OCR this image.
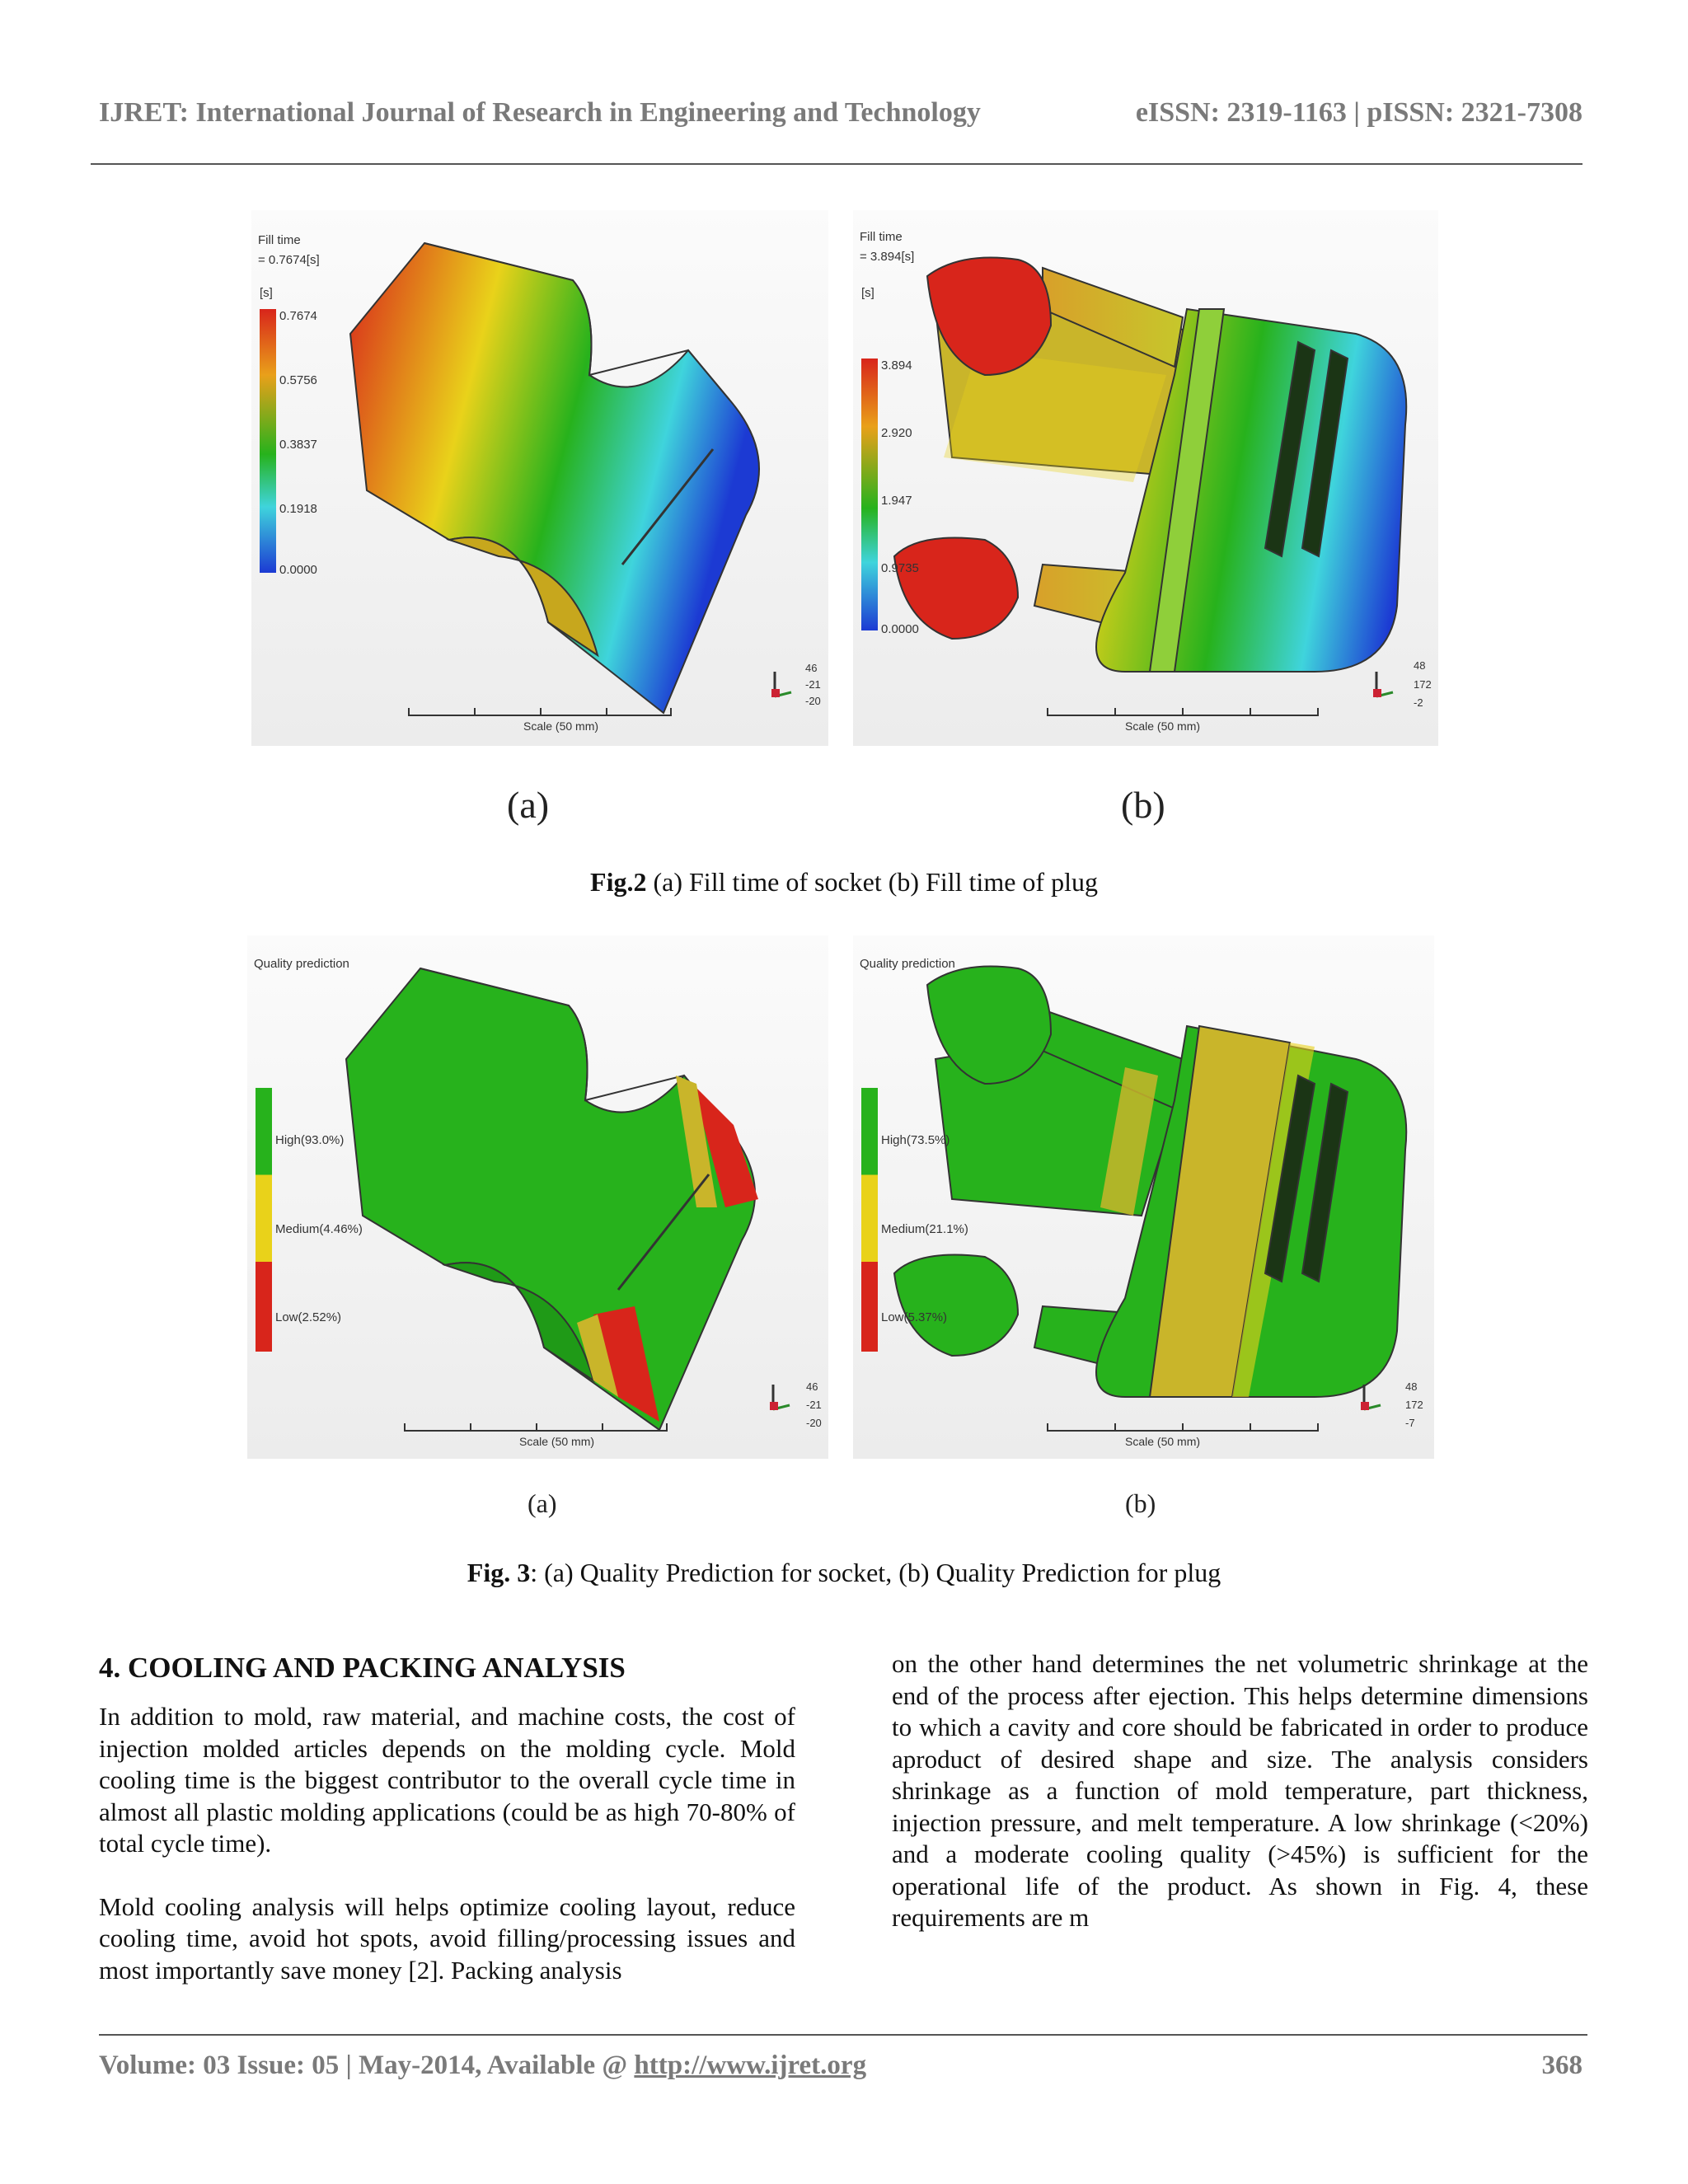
IJRET: International Journal of Research in Engineering and Technology	eISSN: 2319-1163 | pISSN: 2321-7308
Fill time
= 0.7674[s]
[s]
0.7674
0.5756
0.3837
0.1918
0.0000
Scale (50 mm)
46
-21
-20
Fill time
= 3.894[s]
[s]
3.894
2.920
1.947
0.9735
0.0000
Scale (50 mm)
48
172
-2
(a)	(b)
Fig.2 (a) Fill time of socket (b) Fill time of plug
Quality prediction
High(93.0%)
Medium(4.46%)
Low(2.52%)
Scale (50 mm)
46
-21
-20
Quality prediction
High(73.5%)
Medium(21.1%)
Low(5.37%)
Scale (50 mm)
48
172
-7
(a)	(b)
Fig. 3: (a) Quality Prediction for socket, (b) Quality Prediction for plug
4. COOLING AND PACKING ANALYSIS

In addition to mold, raw material, and machine costs, the cost of injection molded articles depends on the molding cycle. Mold cooling time is the biggest contributor to the overall cycle time in almost all plastic molding applications (could be as high 70-80% of total cycle time).

Mold cooling analysis will helps optimize cooling layout, reduce cooling time, avoid hot spots, avoid filling/processing issues and most importantly save money [2]. Packing analysis

on the other hand determines the net volumetric shrinkage at the end of the process after ejection. This helps determine dimensions to which a cavity and core should be fabricated in order to produce aproduct of desired shape and size. The analysis considers shrinkage as a function of mold temperature, part thickness, injection pressure, and melt temperature. A low shrinkage (<20%) and a moderate cooling quality (>45%) is sufficient for the operational life of the product. As shown in Fig. 4, these requirements are m

Volume: 03 Issue: 05 | May-2014, Available @ http://www.ijret.org	368
